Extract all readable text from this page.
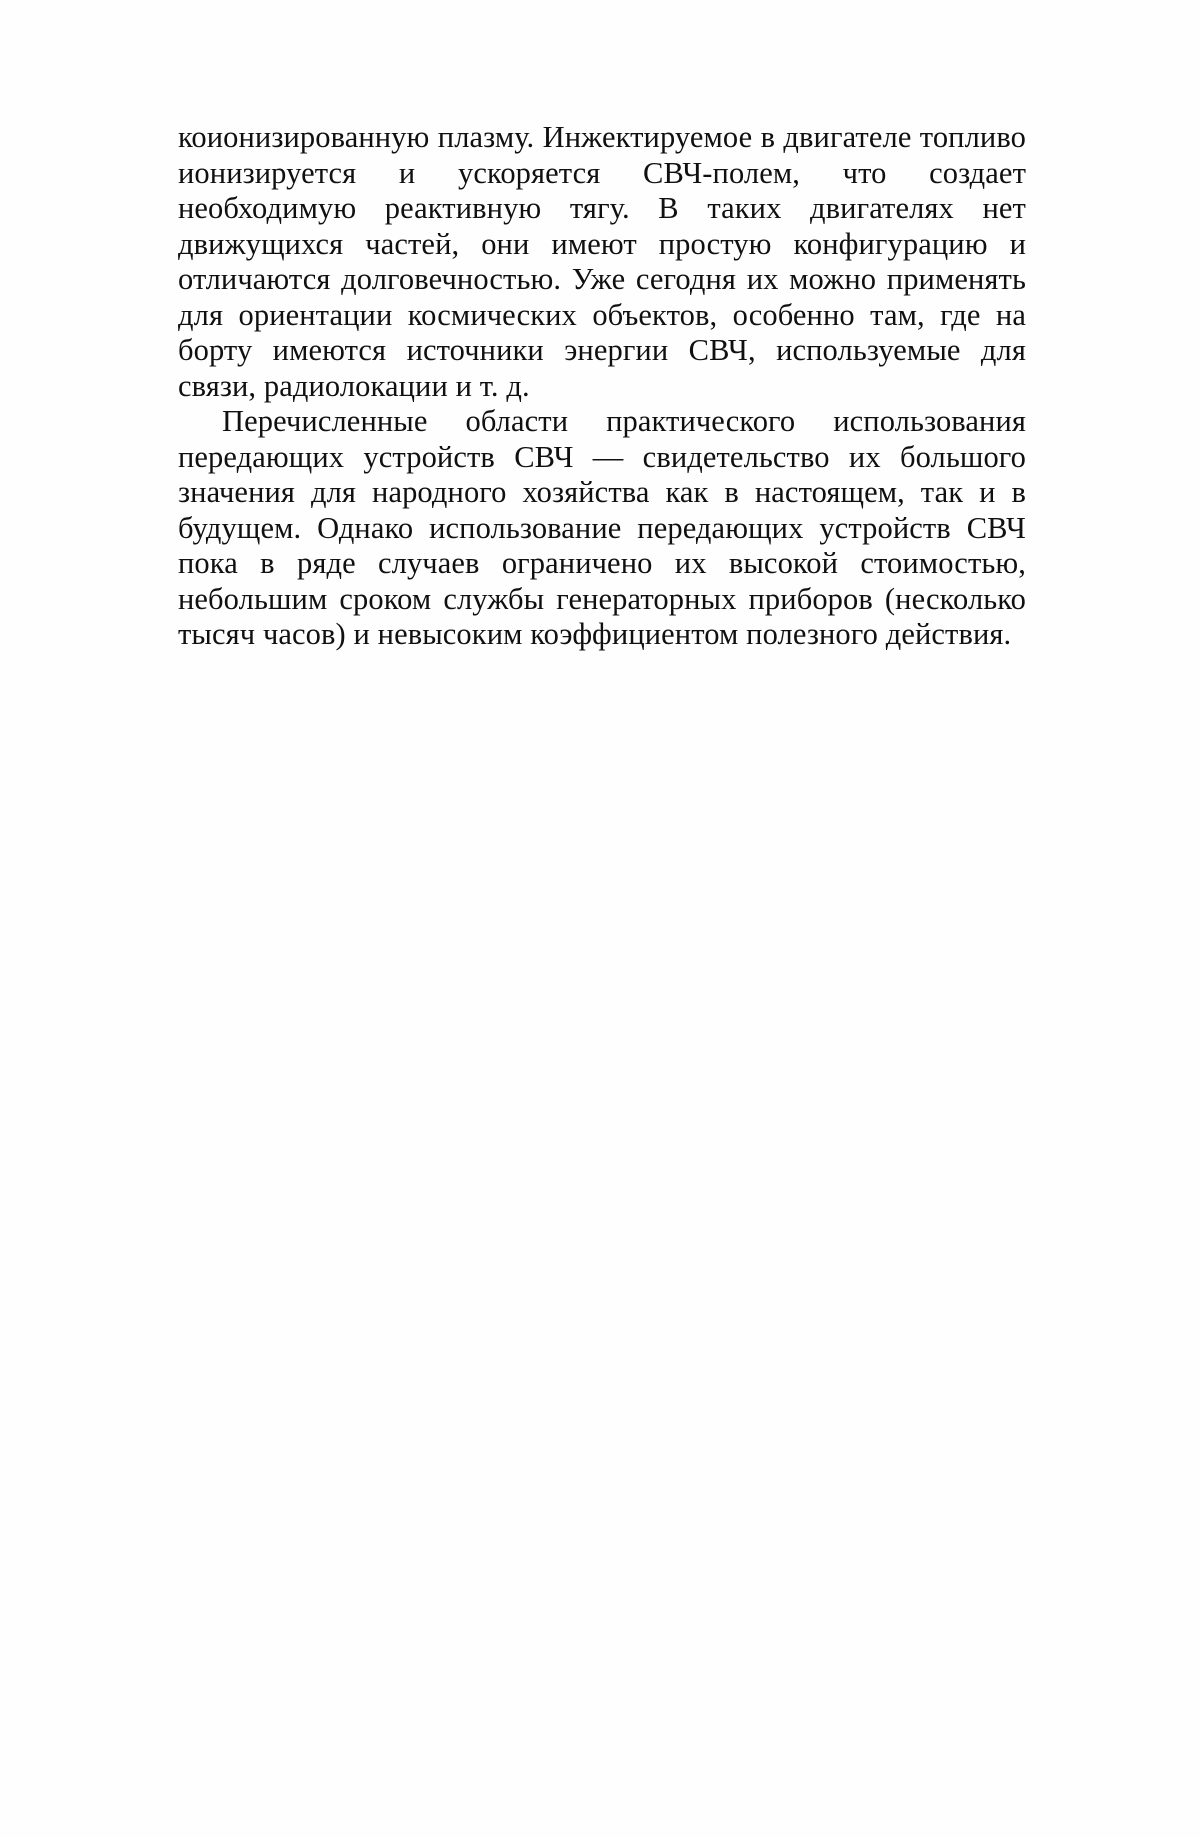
коионизированную плазму. Инжектируемое в двигателе топливо ионизируется и ускоряется СВЧ-полем, что создает необходимую реактивную тягу. В таких двигателях нет движущихся частей, они имеют простую конфигурацию и отличаются долговечностью. Уже сегодня их можно применять для ориентации космических объектов, особенно там, где на борту имеются источники энергии СВЧ, используемые для связи, радиолокации и т. д.

Перечисленные области практического использования передающих устройств СВЧ — свидетельство их большого значения для народного хозяйства как в настоящем, так и в будущем. Однако использование передающих устройств СВЧ пока в ряде случаев ограничено их высокой стоимостью, небольшим сроком службы генераторных приборов (несколько тысяч часов) и невысоким коэффициентом полезного действия.
